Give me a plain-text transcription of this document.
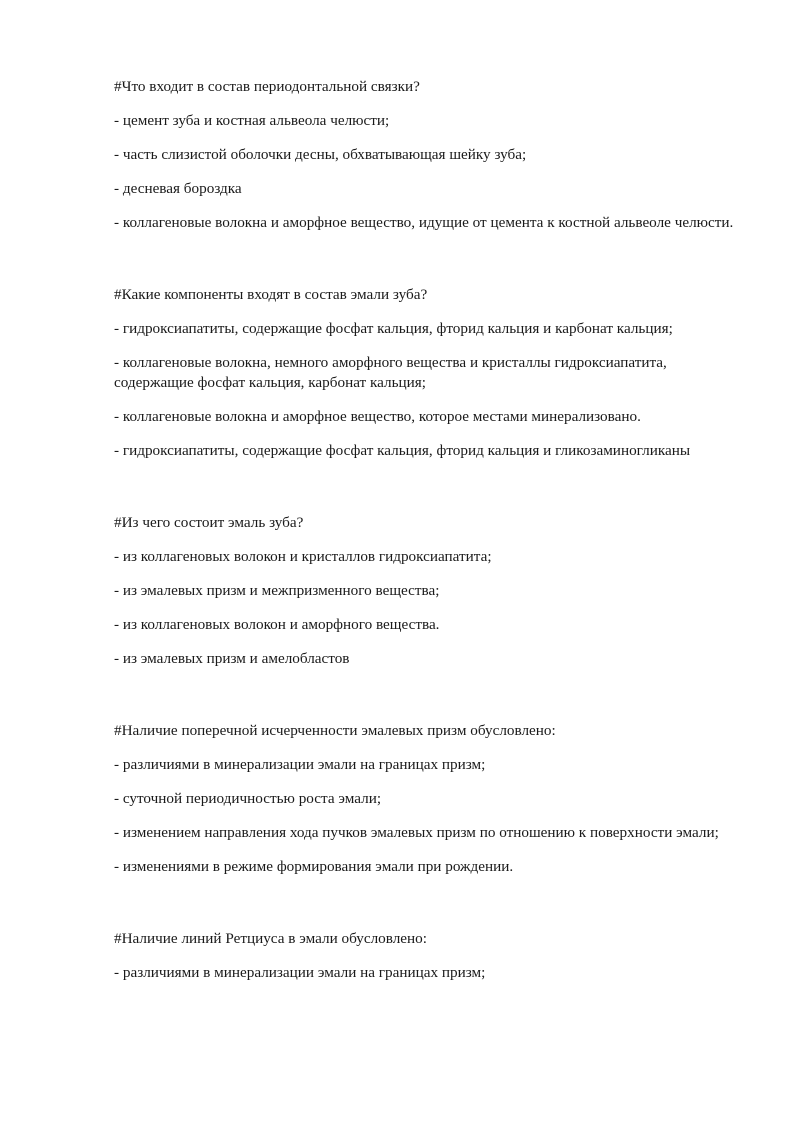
#Что входит в состав периодонтальной связки?

- цемент зуба и костная альвеола челюсти;

- часть слизистой оболочки десны, обхватывающая шейку зуба;

- десневая бороздка

- коллагеновые волокна и аморфное вещество, идущие от цемента к костной альвеоле челюсти.

#Какие компоненты входят в состав эмали зуба?

- гидроксиапатиты, содержащие фосфат кальция, фторид кальция и карбонат кальция;

- коллагеновые волокна, немного аморфного вещества и кристаллы гидроксиапатита, содержащие фосфат кальция, карбонат кальция;

- коллагеновые волокна и аморфное вещество, которое местами минерализовано.

- гидроксиапатиты, содержащие фосфат кальция, фторид кальция и гликозаминогликаны

#Из чего состоит эмаль зуба?

- из коллагеновых волокон и кристаллов гидроксиапатита;

- из эмалевых призм и межпризменного вещества;

- из коллагеновых волокон и аморфного вещества.

- из эмалевых призм и амелобластов

#Наличие поперечной исчерченности эмалевых призм обусловлено:

- различиями в минерализации эмали на границах призм;

- суточной периодичностью роста эмали;

- изменением направления хода пучков эмалевых призм по отношению к поверхности эмали;

- изменениями в режиме формирования эмали при рождении.

#Наличие линий Ретциуса в эмали обусловлено:

- различиями в минерализации эмали на границах призм;
